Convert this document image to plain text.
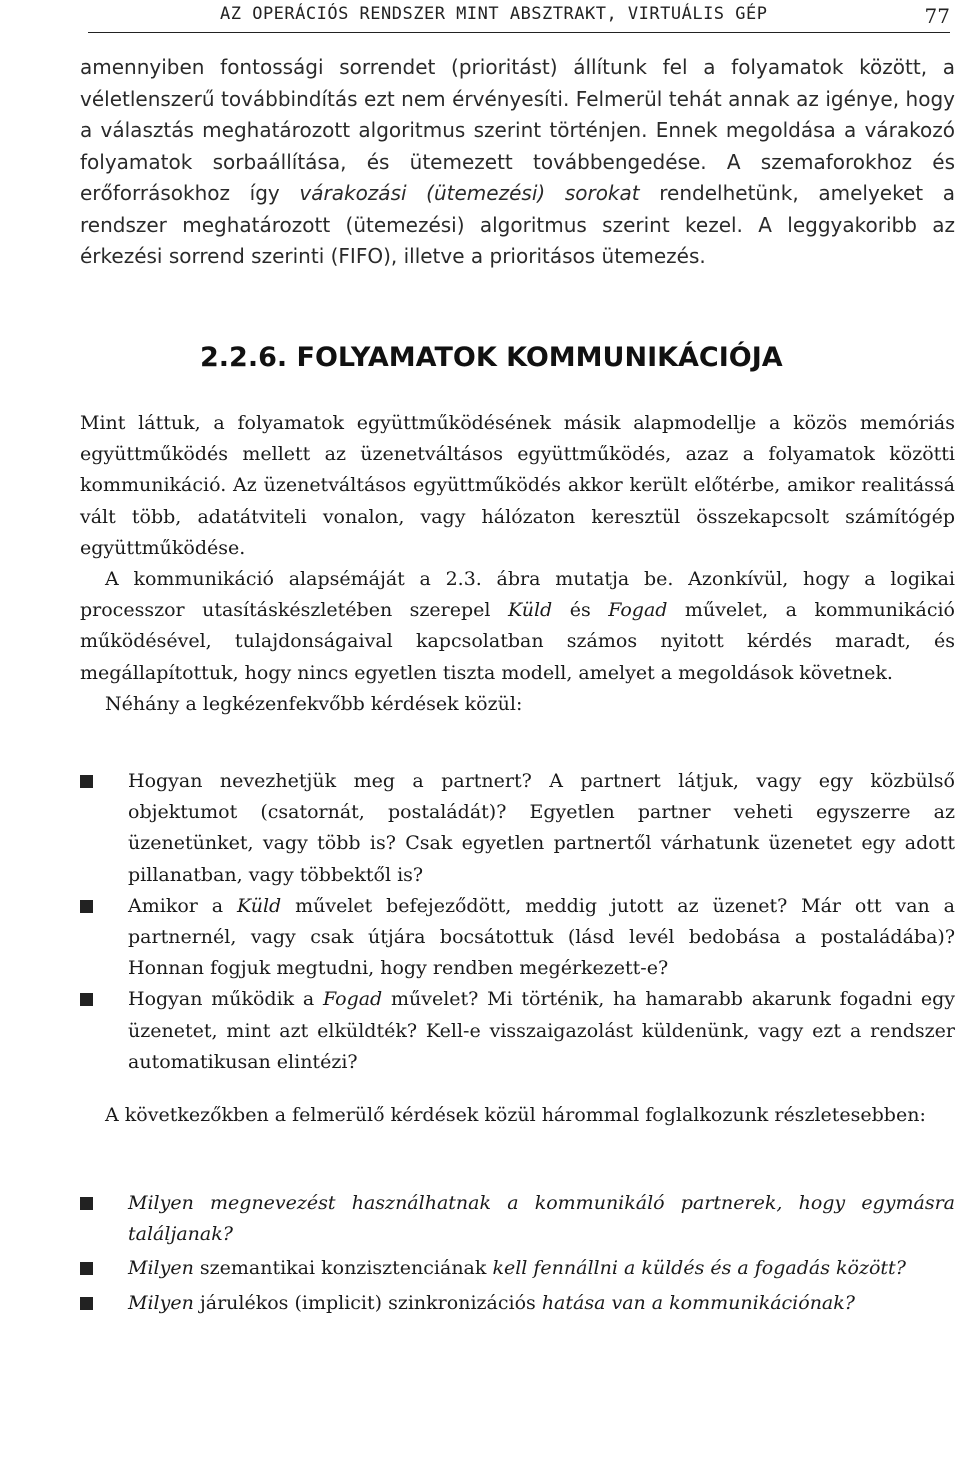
AZ OPERÁCIÓS RENDSZER MINT ABSZTRAKT, VIRTUÁLIS GÉP	77

amennyiben fontossági sorrendet (prioritást) állítunk fel a folyamatok között, a véletlenszerű továbbindítás ezt nem érvényesíti. Felmerül tehát annak az igénye, hogy a választás meghatározott algoritmus szerint történjen. Ennek megoldása a várakozó folyamatok sorbaállítása, és ütemezett továbbengedése. A szemaforokhoz és erőforrásokhoz így várakozási (ütemezési) sorokat rendelhetünk, amelyeket a rendszer meghatározott (ütemezési) algoritmus szerint kezel. A leggyakoribb az érkezési sorrend szerinti (FIFO), illetve a prioritásos ütemezés.

2.2.6. FOLYAMATOK KOMMUNIKÁCIÓJA

Mint láttuk, a folyamatok együttműködésének másik alapmodellje a közös memóriás együttműködés mellett az üzenetváltásos együttműködés, azaz a folyamatok közötti kommunikáció. Az üzenetváltásos együttműködés akkor került előtérbe, amikor realitássá vált több, adatátviteli vonalon, vagy hálózaton keresztül összekapcsolt számítógép együttműködése.

A kommunikáció alapsémáját a 2.3. ábra mutatja be. Azonkívül, hogy a logikai processzor utasításkészletében szerepel Küld és Fogad művelet, a kommunikáció működésével, tulajdonságaival kapcsolatban számos nyitott kérdés maradt, és megállapítottuk, hogy nincs egyetlen tiszta modell, amelyet a megoldások követnek.

Néhány a legkézenfekvőbb kérdések közül:

Hogyan nevezhetjük meg a partnert? A partnert látjuk, vagy egy közbülső objektumot (csatornát, postaládát)? Egyetlen partner veheti egyszerre az üzenetünket, vagy több is? Csak egyetlen partnertől várhatunk üzenetet egy adott pillanatban, vagy többektől is?
Amikor a Küld művelet befejeződött, meddig jutott az üzenet? Már ott van a partnernél, vagy csak útjára bocsátottuk (lásd levél bedobása a postaládába)? Honnan fogjuk megtudni, hogy rendben megérkezett-e?
Hogyan működik a Fogad művelet? Mi történik, ha hamarabb akarunk fogadni egy üzenetet, mint azt elküldték? Kell-e visszaigazolást küldenünk, vagy ezt a rendszer automatikusan elintézi?

A következőkben a felmerülő kérdések közül hárommal foglalkozunk részletesebben:

Milyen megnevezést használhatnak a kommunikáló partnerek, hogy egymásra találjanak?
Milyen szemantikai konzisztenciának kell fennállni a küldés és a fogadás között?
Milyen járulékos (implicit) szinkronizációs hatása van a kommunikációnak?
